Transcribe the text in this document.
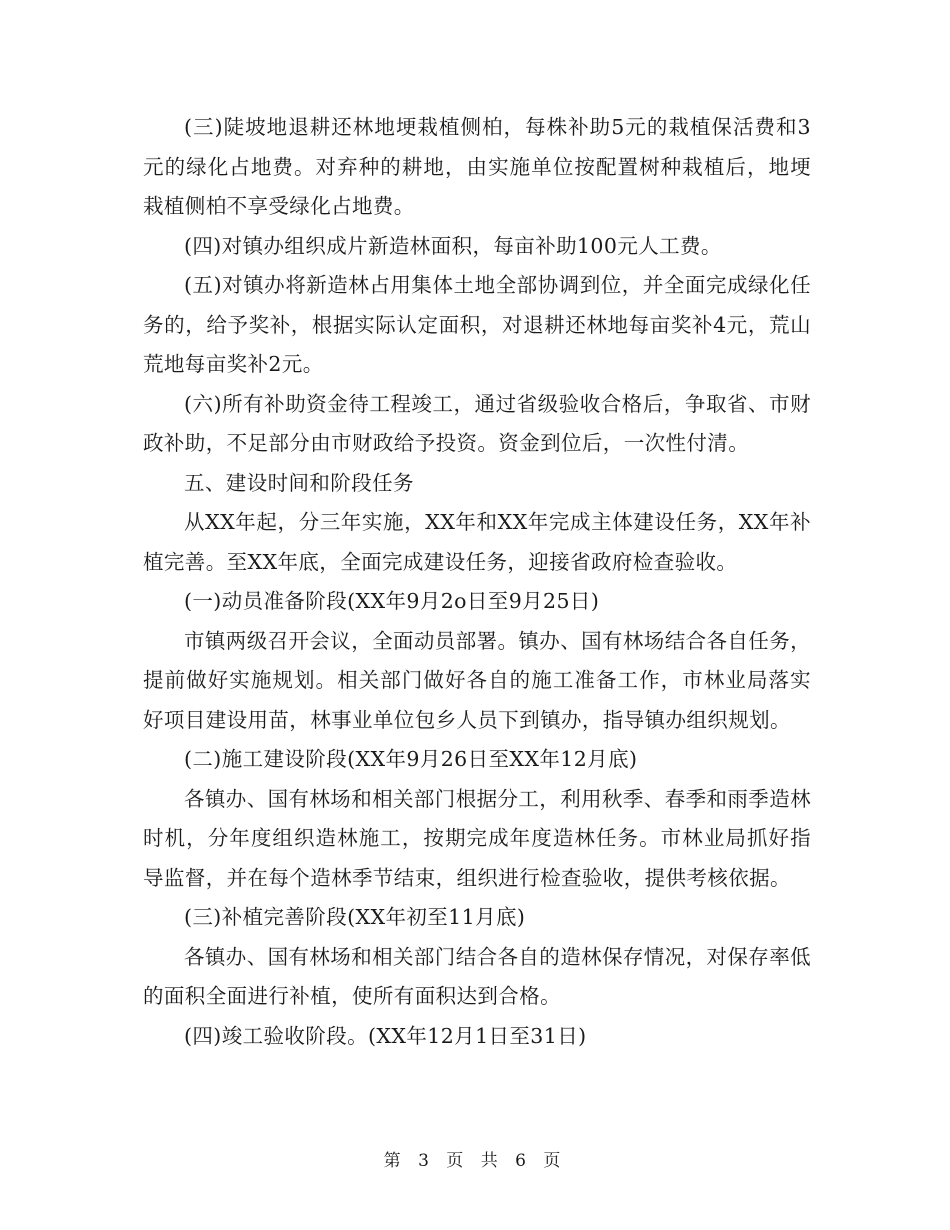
(三)陡坡地退耕还林地埂栽植侧柏，每株补助5元的栽植保活费和3元的绿化占地费。对弃种的耕地，由实施单位按配置树种栽植后，地埂栽植侧柏不享受绿化占地费。

(四)对镇办组织成片新造林面积，每亩补助100元人工费。

(五)对镇办将新造林占用集体土地全部协调到位，并全面完成绿化任务的，给予奖补，根据实际认定面积，对退耕还林地每亩奖补4元，荒山荒地每亩奖补2元。

(六)所有补助资金待工程竣工，通过省级验收合格后，争取省、市财政补助，不足部分由市财政给予投资。资金到位后，一次性付清。

五、建设时间和阶段任务

从XX年起，分三年实施，XX年和XX年完成主体建设任务，XX年补植完善。至XX年底，全面完成建设任务，迎接省政府检查验收。

(一)动员准备阶段(XX年9月2o日至9月25日)

市镇两级召开会议，全面动员部署。镇办、国有林场结合各自任务，提前做好实施规划。相关部门做好各自的施工准备工作，市林业局落实好项目建设用苗，林事业单位包乡人员下到镇办，指导镇办组织规划。

(二)施工建设阶段(XX年9月26日至XX年12月底)

各镇办、国有林场和相关部门根据分工，利用秋季、春季和雨季造林时机，分年度组织造林施工，按期完成年度造林任务。市林业局抓好指导监督，并在每个造林季节结束，组织进行检查验收，提供考核依据。

(三)补植完善阶段(XX年初至11月底)

各镇办、国有林场和相关部门结合各自的造林保存情况，对保存率低的面积全面进行补植，使所有面积达到合格。

(四)竣工验收阶段。(XX年12月1日至31日)

第 3 页 共 6 页
